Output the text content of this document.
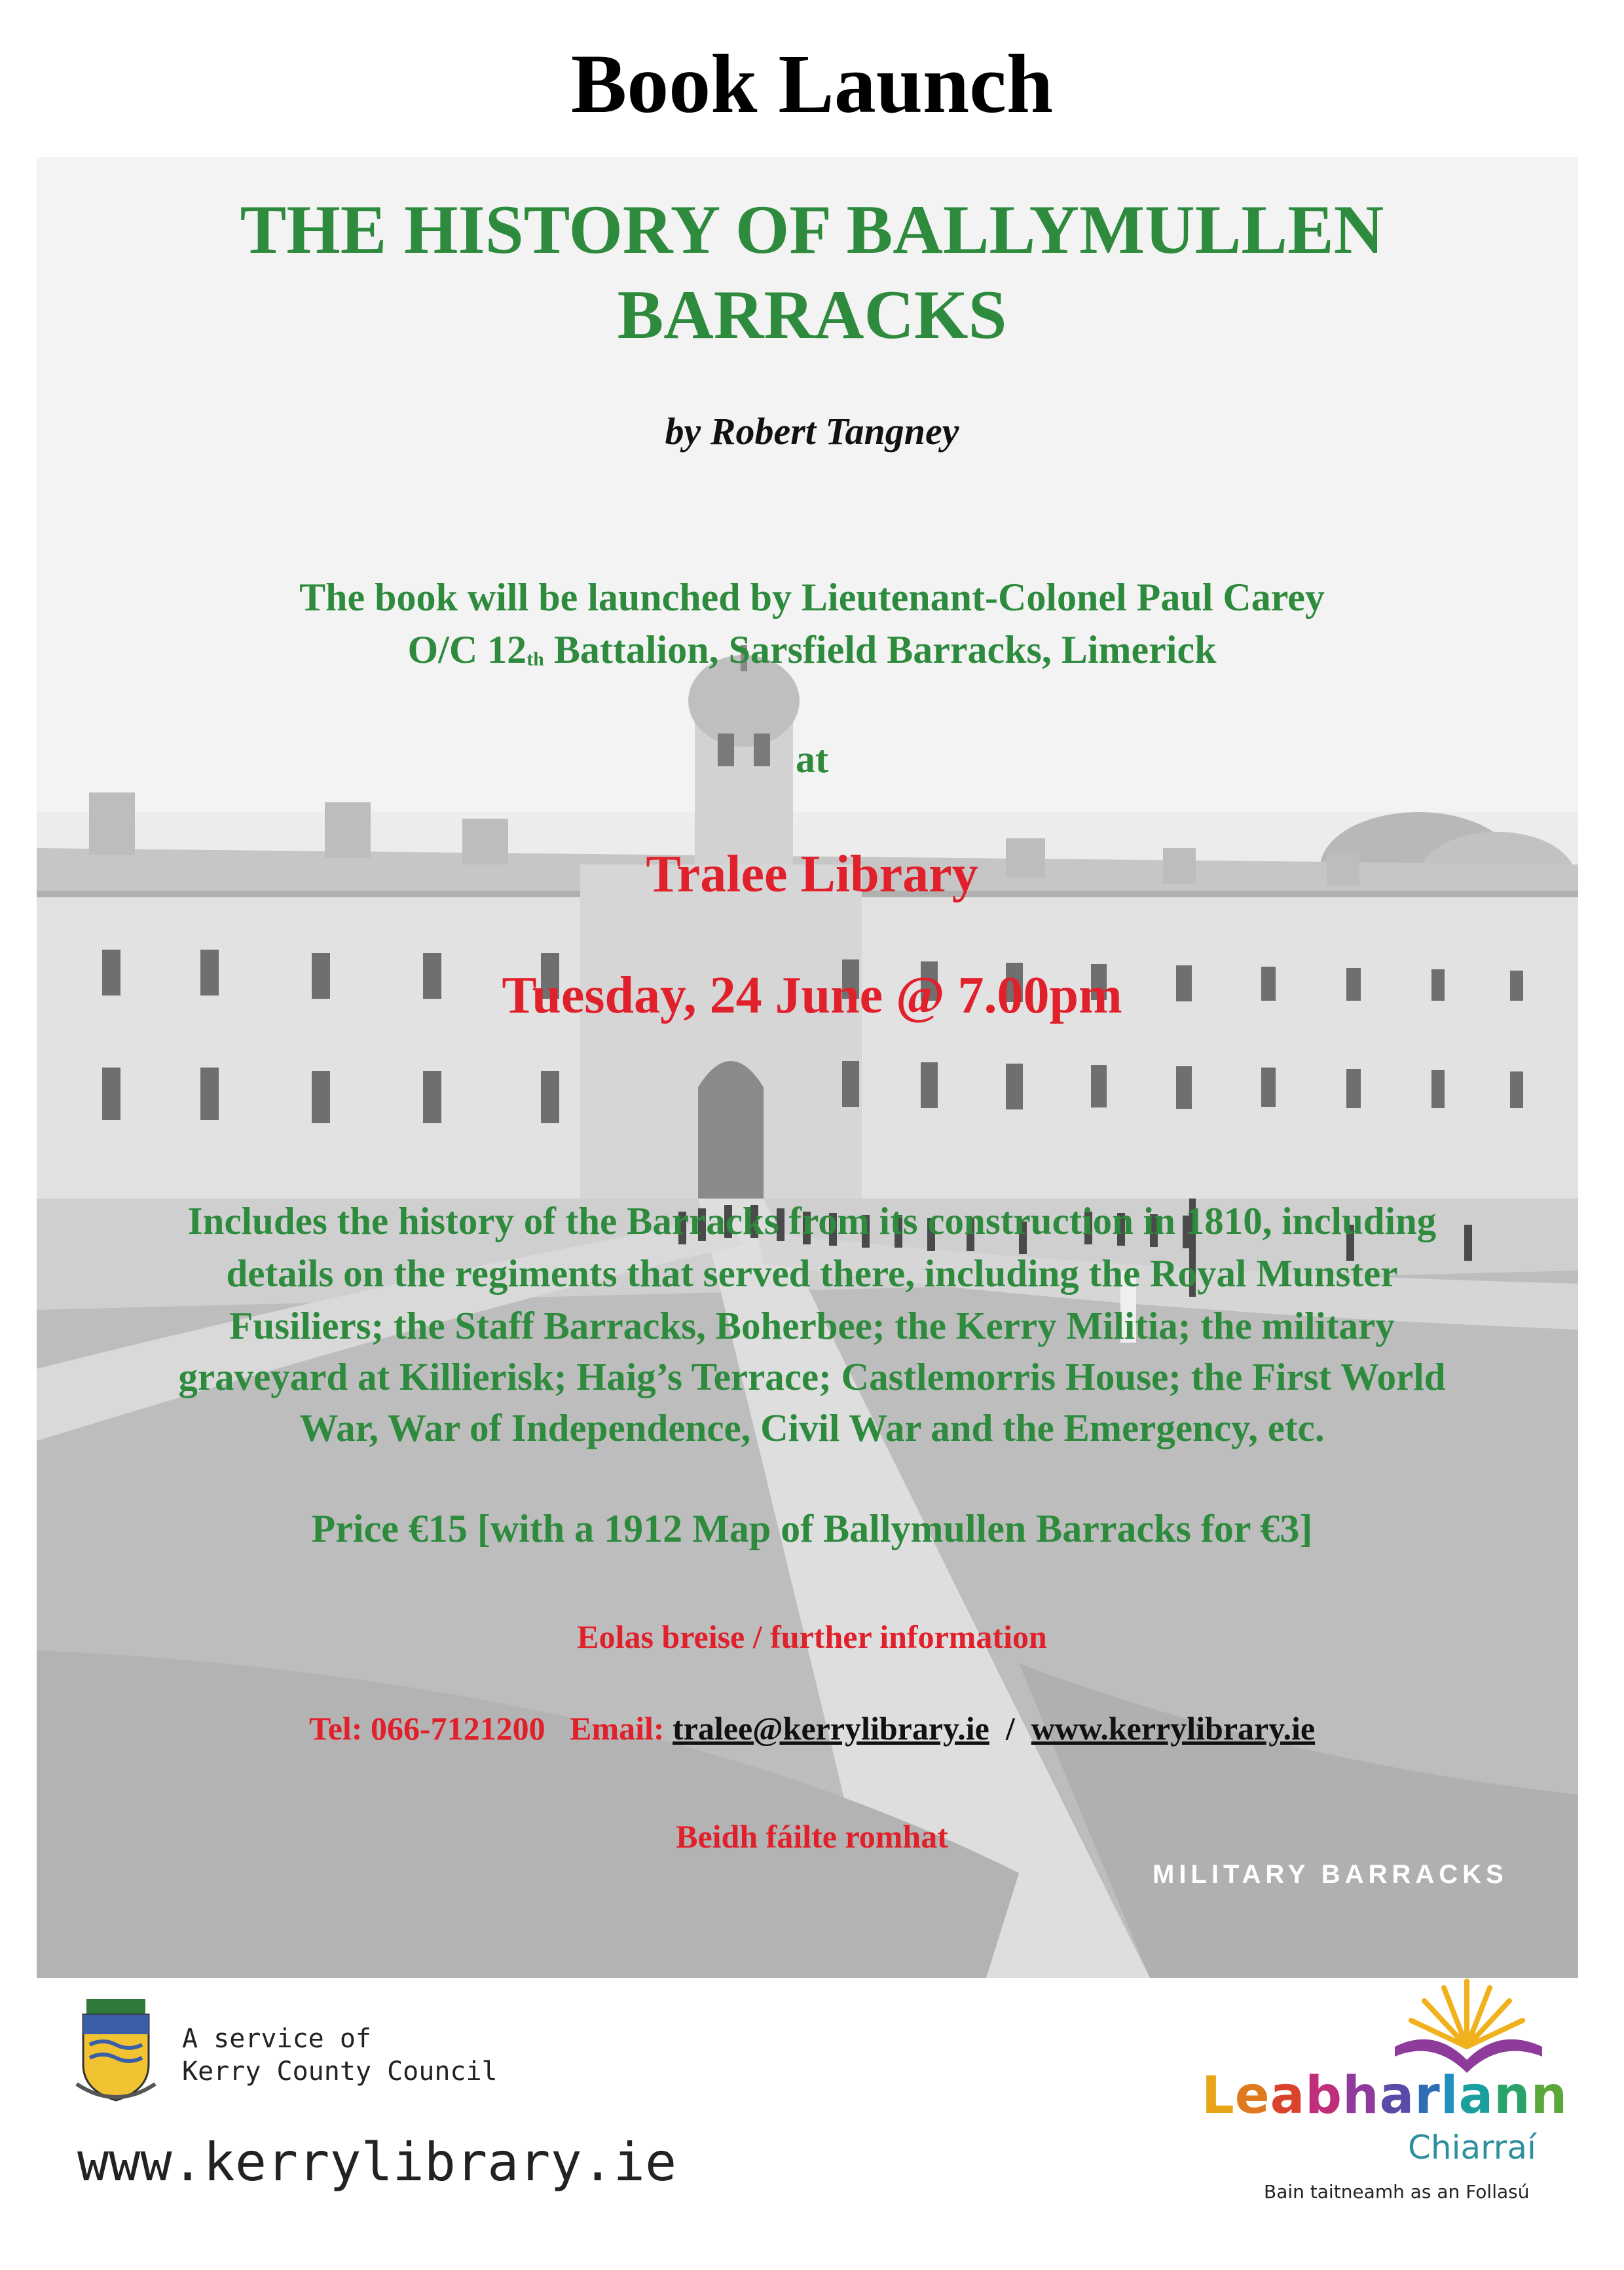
Book Launch
THE HISTORY OF BALLYMULLEN
BARRACKS
by Robert Tangney
The book will be launched by Lieutenant-Colonel Paul Carey
O/C $12_{th}$ Battalion, Sarsfield Barracks, Limerick
at
Tralee Library
Tuesday, 24 June @ 7.00pm
Includes the history of the Barracks from its construction in 1810, including
details on the regiments that served there, including the Royal Munster
Fusiliers; the Staff Barracks, Boherbee; the Kerry Militia; the military
graveyard at Killierisk; Haig’s Terrace; Castlemorris House; the First World
War, War of Independence, Civil War and the Emergency, etc.
Price €15 [with a 1912 Map of Ballymullen Barracks for €3]
Eolas breise / further information
Tel: 066-7121200 Email: tralee@kerrylibrary.ie / www.kerrylibrary.ie
Beidh fáilte romhat
MILITARY BARRACKS
A service of
Kerry County Council
www.kerrylibrary.ie
Leabharlann
Chiarraí
Bain taitneamh as an Follasú
